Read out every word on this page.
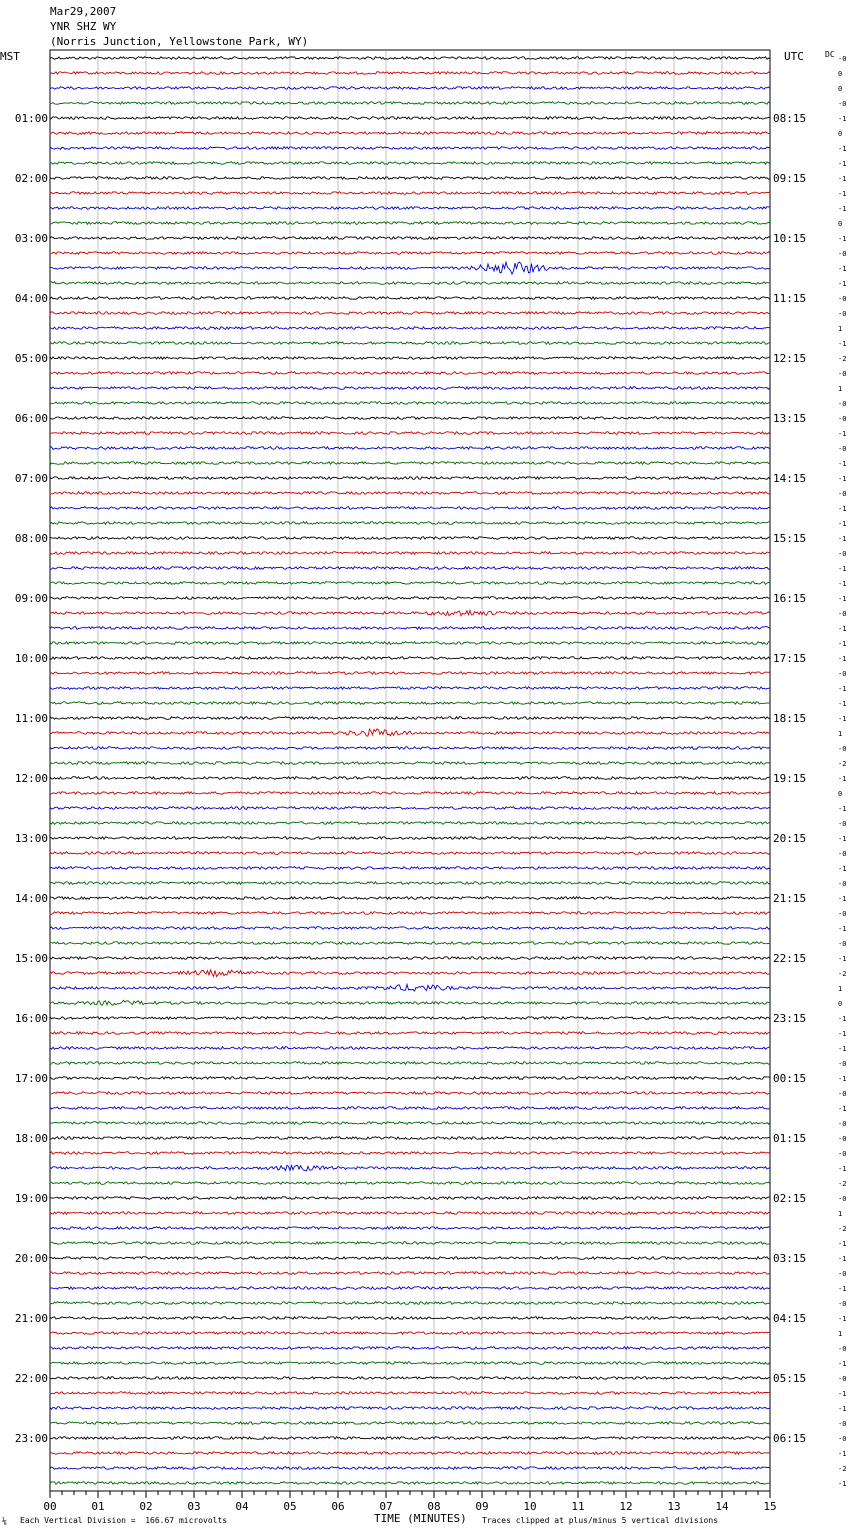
Mar29,2007
YNR SHZ WY
(Norris Junction, Yellowstone Park, WY)
MST	UTC	DC -0
0
0
-0
-1
0
-1
-1
-1
-1
-1
0
-1
-0
-1
-1
-0
-0
1
-1
-2
-0
1
-0
-0
-1
-0
-1
-1
-0
-1
-1
-1
-0
-1
-1
-1
-0
-1
-1
-1
-0
-1
-1
-1
1
-0
-2
-1
0
-1
-0
-1
-0
-1
-0
-1
-0
-1
-0
-1
-2
1
0
-1
-1
-1
-0
-1
-0
-1
-0
-0
-0
-1
-2
-0
1
-2
-1
-1
-0
-1
-0
-1
1
-0
-1
-0
-1
-1
-0
-0
-1
-2
-1
01:00
02:00
03:00
04:00
05:00
06:00
07:00
08:00
09:00
10:00
11:00
12:00
13:00
14:00
15:00
16:00
17:00
18:00
19:00
20:00
21:00
22:00
23:00
08:15
09:15
10:15
11:15
12:15
13:15
14:15
15:15
16:15
17:15
18:15
19:15
20:15
21:15
22:15
23:15
00:15
01:15
02:15
03:15
04:15
05:15
06:15
00	01	02	03	04	05	06	07	08	09	10	11	12	13	14	15
⅛ Each Vertical Division =  166.67 microvolts	TIME (MINUTES) Traces clipped at plus/minus 5 vertical divisions
